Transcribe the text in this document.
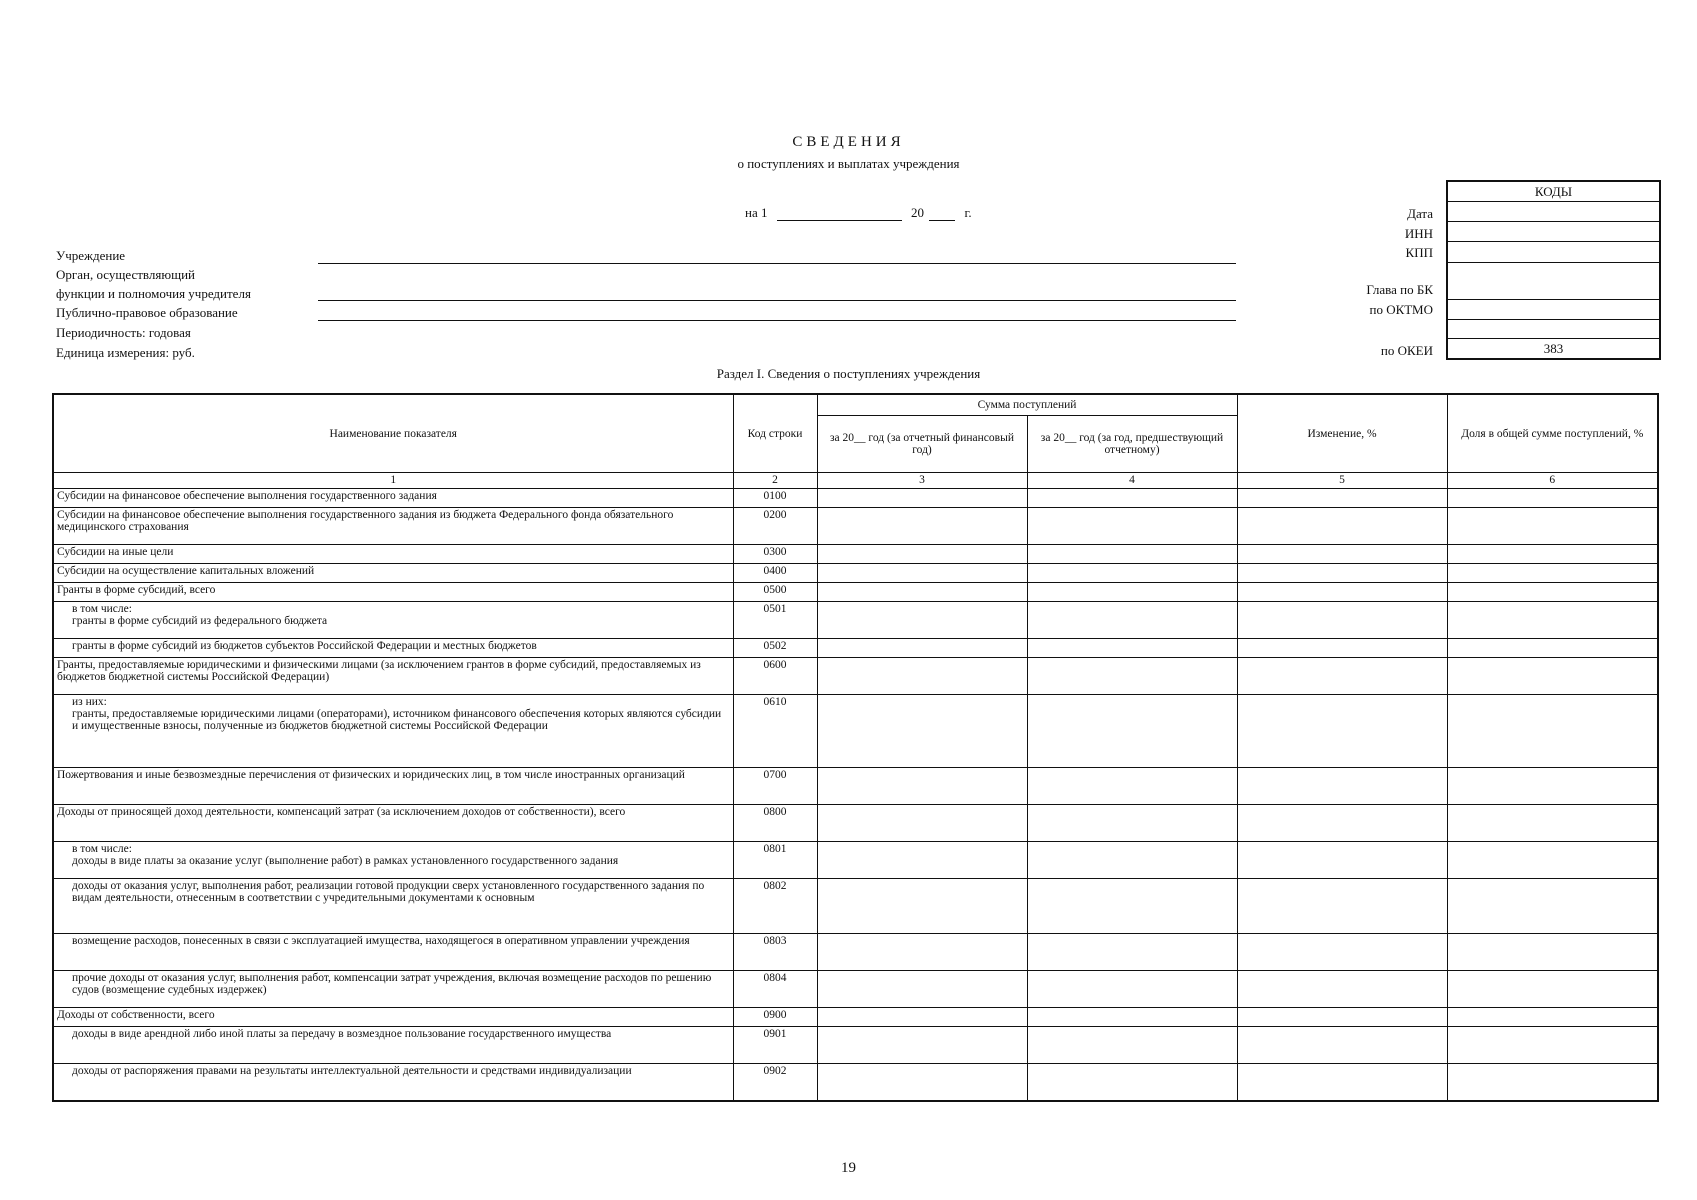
СВЕДЕНИЯ
о поступлениях и выплатах учреждения
на 1	20	г.
Учреждение
Орган, осуществляющий
функции и полномочия учредителя
Публично-правовое образование
Периодичность: годовая
Единица измерения: руб.
Дата
ИНН
КПП
Глава по БК
по ОКТМО
по ОКЕИ
КОДЫ
383
Раздел I. Сведения о поступлениях учреждения
Наименование показателя	Код строки	Сумма поступлений		Изменение, %	Доля в общей сумме поступлений, %
		за 20__ год (за отчетный финансовый год)	за 20__ год (за год, предшествующий отчетному)		
1	2	3	4	5	6
Субсидии на финансовое обеспечение выполнения государственного задания	0100				
Субсидии на финансовое обеспечение выполнения государственного задания из бюджета Федерального фонда обязательного медицинского страхования	0200				
Субсидии на иные цели	0300				
Субсидии на осуществление капитальных вложений	0400				
Гранты в форме субсидий, всего	0500				
в том числе:
гранты в форме субсидий из федерального бюджета	0501				
гранты в форме субсидий из бюджетов субъектов Российской Федерации и местных бюджетов	0502				
Гранты, предоставляемые юридическими и физическими лицами (за исключением грантов в форме субсидий, предоставляемых из бюджетов бюджетной системы Российской Федерации)	0600				
из них:
гранты, предоставляемые юридическими лицами (операторами), источником финансового обеспечения которых являются субсидии и имущественные взносы, полученные из бюджетов бюджетной системы Российской Федерации	0610				
Пожертвования и иные безвозмездные перечисления от физических и юридических лиц, в том числе иностранных организаций	0700				
Доходы от приносящей доход деятельности, компенсаций затрат (за исключением доходов от собственности), всего	0800				
в том числе:
доходы в виде платы за оказание услуг (выполнение работ) в рамках установленного государственного задания	0801				
доходы от оказания услуг, выполнения работ, реализации готовой продукции сверх установленного государственного задания по видам деятельности, отнесенным в соответствии с учредительными документами к основным	0802				
возмещение расходов, понесенных в связи с эксплуатацией имущества, находящегося в оперативном управлении учреждения	0803				
прочие доходы от оказания услуг, выполнения работ, компенсации затрат учреждения, включая возмещение расходов по решению судов (возмещение судебных издержек)	0804				
Доходы от собственности, всего	0900				
доходы в виде арендной либо иной платы за передачу в возмездное пользование государственного имущества	0901				
доходы от распоряжения правами на результаты интеллектуальной деятельности и средствами индивидуализации	0902				
19
